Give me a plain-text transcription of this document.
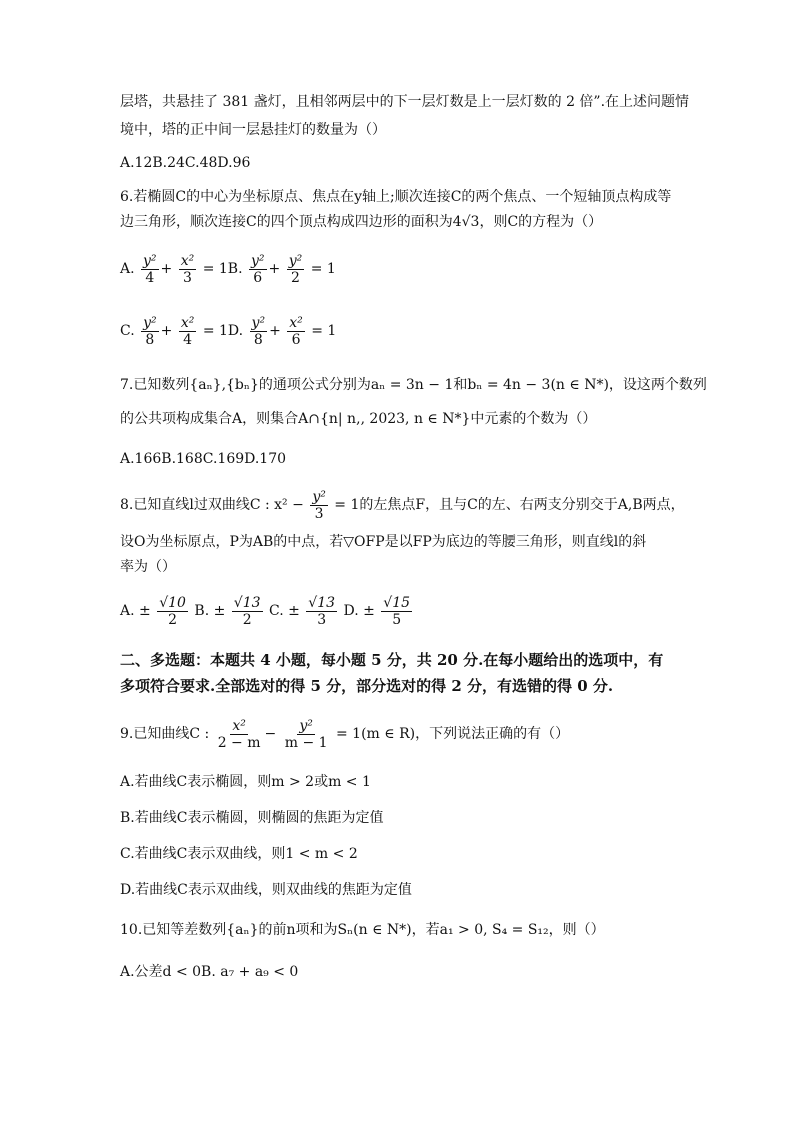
层塔，共悬挂了 381 盏灯，且相邻两层中的下一层灯数是上一层灯数的 2 倍”.在上述问题情
境中，塔的正中间一层悬挂灯的数量为（）
A.12B.24C.48D.96
6.若椭圆C的中心为坐标原点、焦点在y轴上;顺次连接C的两个焦点、一个短轴顶点构成等
边三角形，顺次连接C的四个顶点构成四边形的面积为4√3，则C的方程为（）
A. $\frac{\text{y²}}{4} + \frac{\text{x²}}{3} = 1B$. $\frac{\text{y²}}{6} + \frac{\text{y²}}{2} = 1$
C. $\frac{\text{y²}}{8} + \frac{\text{x²}}{4} = 1D$. $\frac{\text{y²}}{8} + \frac{\text{x²}}{6} = 1$
7.已知数列{aₙ},{bₙ}的通项公式分别为aₙ = 3n − 1和bₙ = 4n − 3(n ∈ N*)，设这两个数列
的公共项构成集合A，则集合A∩{n| n‚‚ 2023, n ∈ N*}中元素的个数为（）
A.166B.168C.169D.170
8.已知直线l过双曲线C : $x^2 - \frac{\text{y²}}{3} = 1$的左焦点F，且与C的左、右两支分别交于A,B两点，
设O为坐标原点，P为AB的中点，若▽OFP是以FP为底边的等腰三角形，则直线l的斜
率为（）
A. ± $\frac{√10}{2} B$. ± $\frac{√13}{2} C$. ± $\frac{√13}{3} D$. ± $\frac{√15}{5}$
二、多选题：本题共 4 小题，每小题 5 分，共 20 分.在每小题给出的选项中，有
多项符合要求.全部选对的得 5 分，部分选对的得 2 分，有选错的得 0 分.
9.已知曲线C : $\frac{\text{x²}}{2 - m} - \frac{\text{y²}}{m - 1} = 1(m$ ∈ R)，下列说法正确的有（）
A.若曲线C表示椭圆，则m > 2或m < 1
B.若曲线C表示椭圆，则椭圆的焦距为定值
C.若曲线C表示双曲线，则1 < m < 2
D.若曲线C表示双曲线，则双曲线的焦距为定值
10.已知等差数列{aₙ}的前n项和为Sₙ(n ∈ N*)，若a₁ > 0, S₄ = S₁₂，则（）
A.公差d < 0B. a₇ + a₉ < 0
